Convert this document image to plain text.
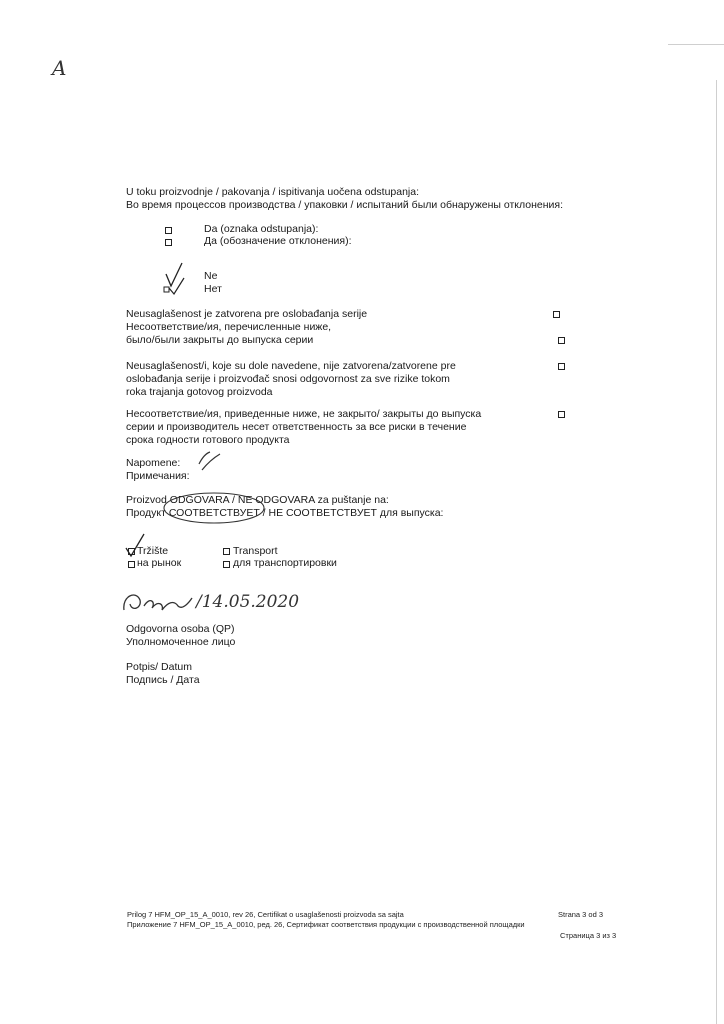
A
U toku proizvodnje / pakovanja / ispitivanja uočena odstupanja:
Во время процессов производства / упаковки / испытаний были обнаружены отклонения:
Da (oznaka odstupanja):
Да (обозначение отклонения):
Ne
Нет
Neusaglašenost je zatvorena pre oslobađanja serije
Несоответствие/ия, перечисленные ниже,
было/были закрыты до выпуска серии
Neusaglašenost/i, koje su dole navedene, nije zatvorena/zatvorene pre
oslobađanja serije i proizvođač snosi odgovornost za sve rizike tokom
roka trajanja gotovog proizvoda
Несоответствие/ия, приведенные ниже, не закрыто/ закрыты до выпуска
серии и производитель несет ответственность за все риски в течение
срока годности готового продукта
Napomene:
Примечания:
Proizvod ODGOVARA / NE ODGOVARA za puštanje na:
Продукт СООТВЕТСТВУЕТ / НЕ СООТВЕТСТВУЕТ для выпуска:
Tržište
на рынок
Transport
для транспортировки
/14.05.2020
Odgovorna osoba (QP)
Уполномоченное лицо
Potpis/ Datum
Подпись / Дата
Prilog 7 HFM_OP_15_A_0010, rev 26, Certifikat o usaglašenosti proizvoda sa sajta	Strana 3 od 3
Приложение 7 HFM_OP_15_A_0010, ред. 26, Сертификат соответствия продукции с производственной площадки
Страница 3 из 3
